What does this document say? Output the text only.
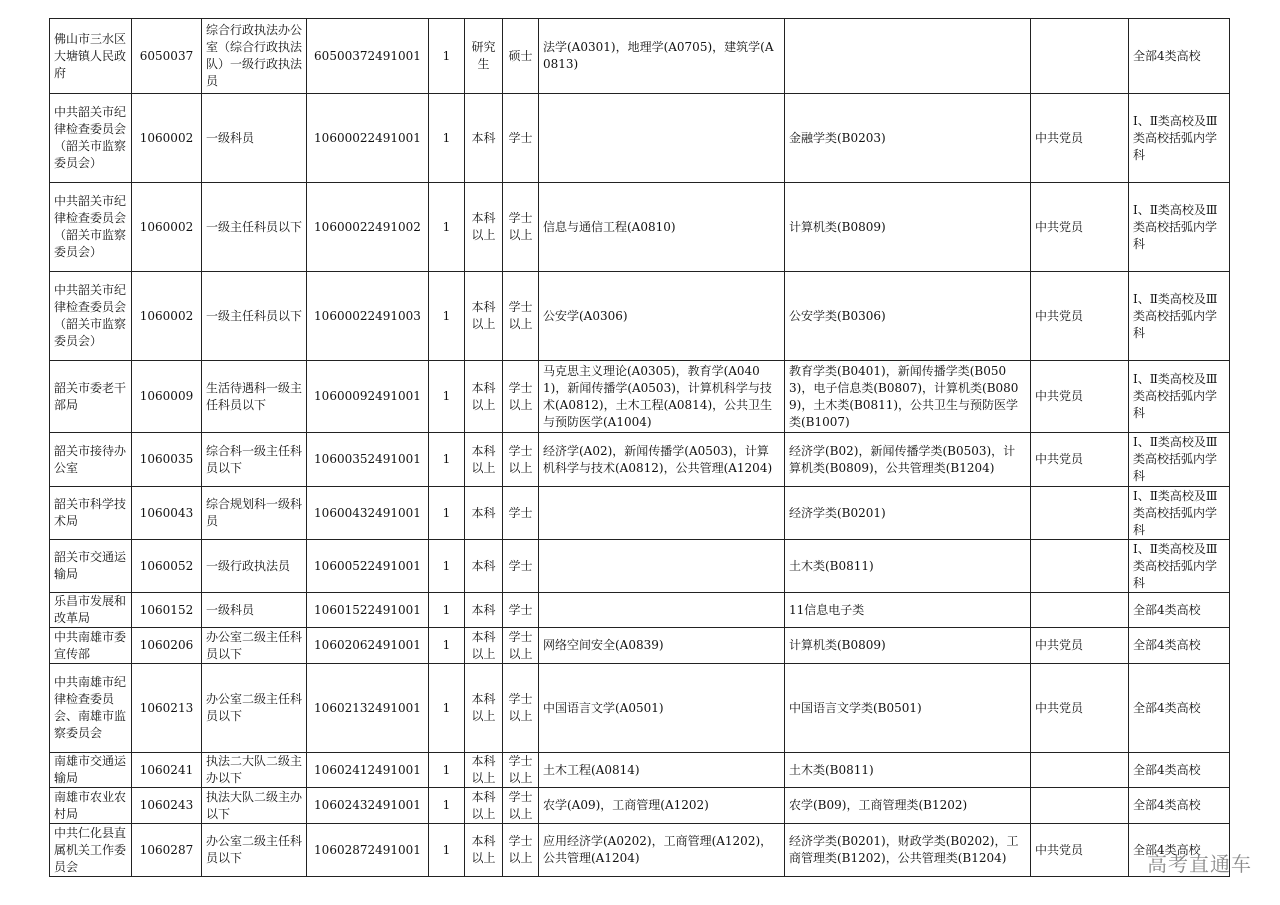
佛山市三水区大塘镇人民政府	6050037	综合行政执法办公室（综合行政执法队）一级行政执法员	60500372491001	1	研究生	硕士	法学(A0301)，地理学(A0705)，建筑学(A0813)			全部4类高校
中共韶关市纪律检查委员会（韶关市监察委员会）	1060002	一级科员	10600022491001	1	本科	学士		金融学类(B0203)	中共党员	Ⅰ、Ⅱ类高校及Ⅲ类高校括弧内学科
中共韶关市纪律检查委员会（韶关市监察委员会）	1060002	一级主任科员以下	10600022491002	1	本科以上	学士以上	信息与通信工程(A0810)	计算机类(B0809)	中共党员	Ⅰ、Ⅱ类高校及Ⅲ类高校括弧内学科
中共韶关市纪律检查委员会（韶关市监察委员会）	1060002	一级主任科员以下	10600022491003	1	本科以上	学士以上	公安学(A0306)	公安学类(B0306)	中共党员	Ⅰ、Ⅱ类高校及Ⅲ类高校括弧内学科
韶关市委老干部局	1060009	生活待遇科一级主任科员以下	10600092491001	1	本科以上	学士以上	马克思主义理论(A0305)，教育学(A0401)，新闻传播学(A0503)，计算机科学与技术(A0812)，土木工程(A0814)，公共卫生与预防医学(A1004)	教育学类(B0401)，新闻传播学类(B0503)，电子信息类(B0807)，计算机类(B0809)，土木类(B0811)，公共卫生与预防医学类(B1007)	中共党员	Ⅰ、Ⅱ类高校及Ⅲ类高校括弧内学科
韶关市接待办公室	1060035	综合科一级主任科员以下	10600352491001	1	本科以上	学士以上	经济学(A02)，新闻传播学(A0503)，计算机科学与技术(A0812)，公共管理(A1204)	经济学(B02)，新闻传播学类(B0503)，计算机类(B0809)，公共管理类(B1204)	中共党员	Ⅰ、Ⅱ类高校及Ⅲ类高校括弧内学科
韶关市科学技术局	1060043	综合规划科一级科员	10600432491001	1	本科	学士		经济学类(B0201)		Ⅰ、Ⅱ类高校及Ⅲ类高校括弧内学科
韶关市交通运输局	1060052	一级行政执法员	10600522491001	1	本科	学士		土木类(B0811)		Ⅰ、Ⅱ类高校及Ⅲ类高校括弧内学科
乐昌市发展和改革局	1060152	一级科员	10601522491001	1	本科	学士		11信息电子类		全部4类高校
中共南雄市委宣传部	1060206	办公室二级主任科员以下	10602062491001	1	本科以上	学士以上	网络空间安全(A0839)	计算机类(B0809)	中共党员	全部4类高校
中共南雄市纪律检查委员会、南雄市监察委员会	1060213	办公室二级主任科员以下	10602132491001	1	本科以上	学士以上	中国语言文学(A0501)	中国语言文学类(B0501)	中共党员	全部4类高校
南雄市交通运输局	1060241	执法二大队二级主办以下	10602412491001	1	本科以上	学士以上	土木工程(A0814)	土木类(B0811)		全部4类高校
南雄市农业农村局	1060243	执法大队二级主办以下	10602432491001	1	本科以上	学士以上	农学(A09)，工商管理(A1202)	农学(B09)，工商管理类(B1202)		全部4类高校
中共仁化县直属机关工作委员会	1060287	办公室二级主任科员以下	10602872491001	1	本科以上	学士以上	应用经济学(A0202)，工商管理(A1202)，公共管理(A1204)	经济学类(B0201)，财政学类(B0202)，工商管理类(B1202)，公共管理类(B1204)	中共党员	全部4类高校
高考直通车
